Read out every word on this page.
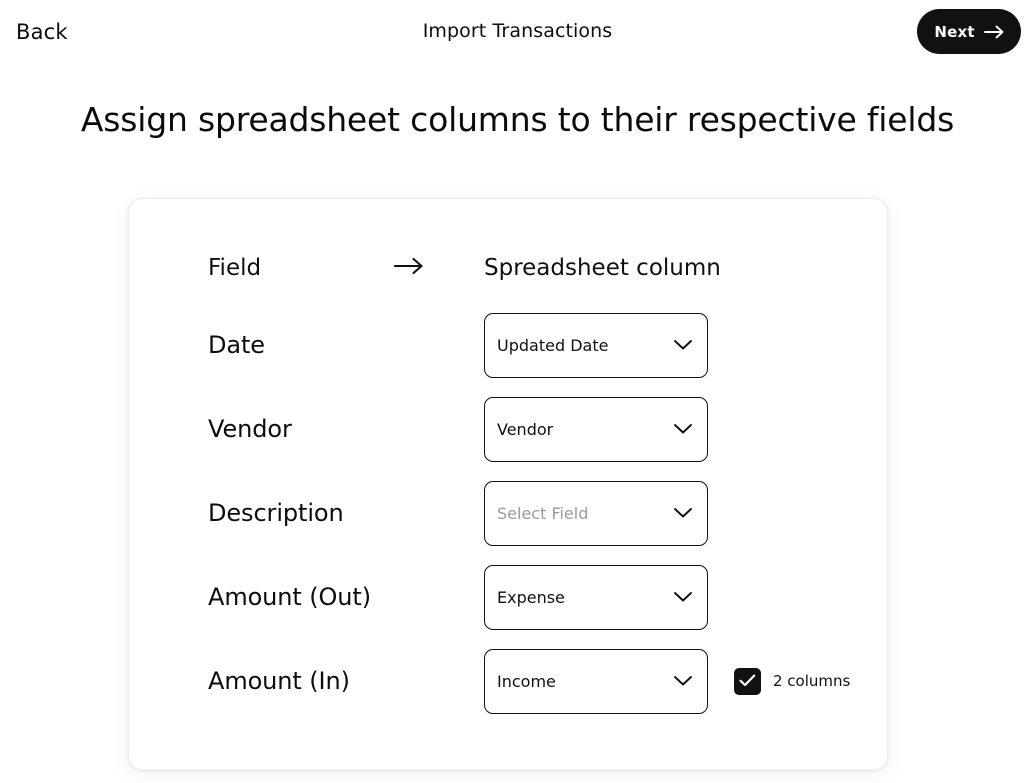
Back	Import Transactions	Next
Assign spreadsheet columns to their respective fields
Field	Spreadsheet column
Date	Updated Date
Vendor	Vendor
Description	Select Field
Amount (Out)	Expense
Amount (In)	Income	2 columns
